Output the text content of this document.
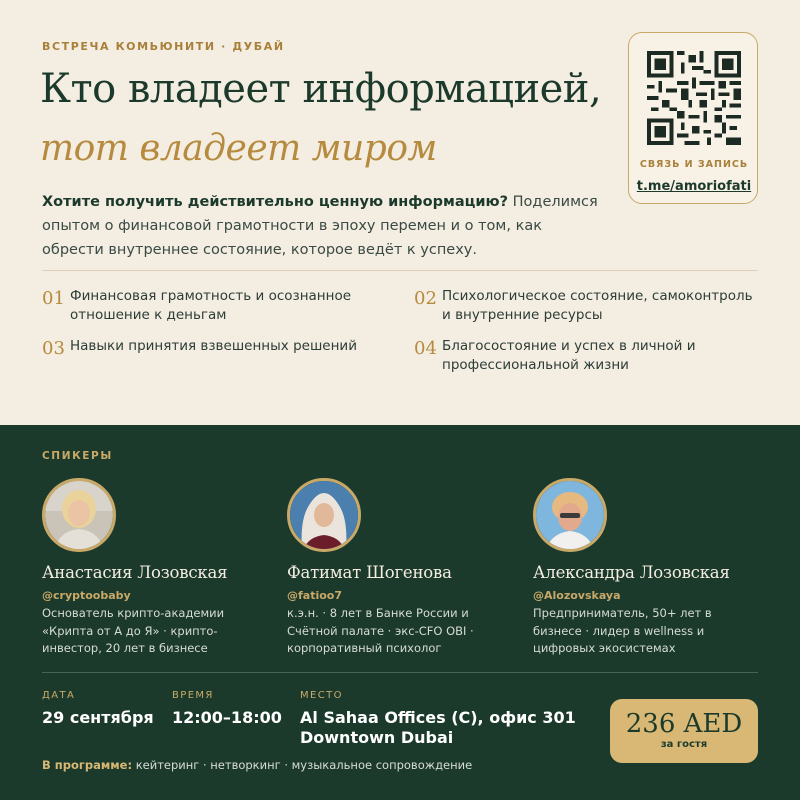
ВСТРЕЧА КОМЬЮНИТИ · ДУБАЙ
Кто владеет информацией,
тот владеет миром
Хотите получить действительно ценную информацию? Поделимся опытом о финансовой грамотности в эпоху перемен и о том, как обрести внутреннее состояние, которое ведёт к успеху.
СВЯЗЬ И ЗАПИСЬ
t.me/amoriofati
01 Финансовая грамотность и осознанное отношение к деньгам
02 Психологическое состояние, самоконтроль и внутренние ресурсы
03 Навыки принятия взвешенных решений	04 Благосостояние и успех в личной и профессиональной жизни
СПИКЕРЫ
Анастасия Лозовская
@cryptoobaby
Основатель крипто-академии «Крипта от А до Я» · крипто-инвестор, 20 лет в бизнесе
Фатимат Шогенова
@fatioo7
к.э.н. · 8 лет в Банке России и Счётной палате · экс-CFO OBI · корпоративный психолог
Александра Лозовская
@Alozovskaya
Предприниматель, 50+ лет в бизнесе · лидер в wellness и цифровых экосистемах
ДАТА
29 сентября
ВРЕМЯ
12:00–18:00
МЕСТО
Al Sahaa Offices (C), офис 301
Downtown Dubai	236 AED
за гостя
В программе: кейтеринг · нетворкинг · музыкальное сопровождение
